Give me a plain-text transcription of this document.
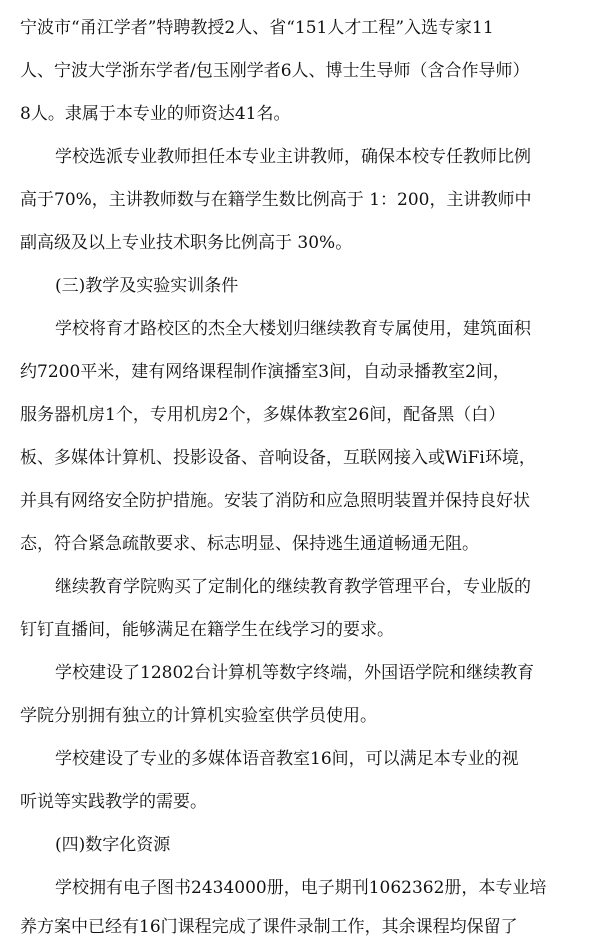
宁波市“甬江学者”特聘教授2人、省“151人才工程”入选专家11
人、宁波大学浙东学者/包玉刚学者6人、博士生导师（含合作导师）
8人。隶属于本专业的师资达41名。
学校选派专业教师担任本专业主讲教师，确保本校专任教师比例
高于70%，主讲教师数与在籍学生数比例高于 1：200，主讲教师中
副高级及以上专业技术职务比例高于 30%。
(三)教学及实验实训条件
学校将育才路校区的杰全大楼划归继续教育专属使用，建筑面积
约7200平米，建有网络课程制作演播室3间，自动录播教室2间，
服务器机房1个，专用机房2个，多媒体教室26间，配备黑（白）
板、多媒体计算机、投影设备、音响设备，互联网接入或WiFi环境，
并具有网络安全防护措施。安装了消防和应急照明装置并保持良好状
态，符合紧急疏散要求、标志明显、保持逃生通道畅通无阻。
继续教育学院购买了定制化的继续教育教学管理平台，专业版的
钉钉直播间，能够满足在籍学生在线学习的要求。
学校建设了12802台计算机等数字终端，外国语学院和继续教育
学院分别拥有独立的计算机实验室供学员使用。
学校建设了专业的多媒体语音教室16间，可以满足本专业的视
听说等实践教学的需要。
(四)数字化资源
学校拥有电子图书2434000册，电子期刊1062362册，本专业培
养方案中已经有16门课程完成了课件录制工作，其余课程均保留了
